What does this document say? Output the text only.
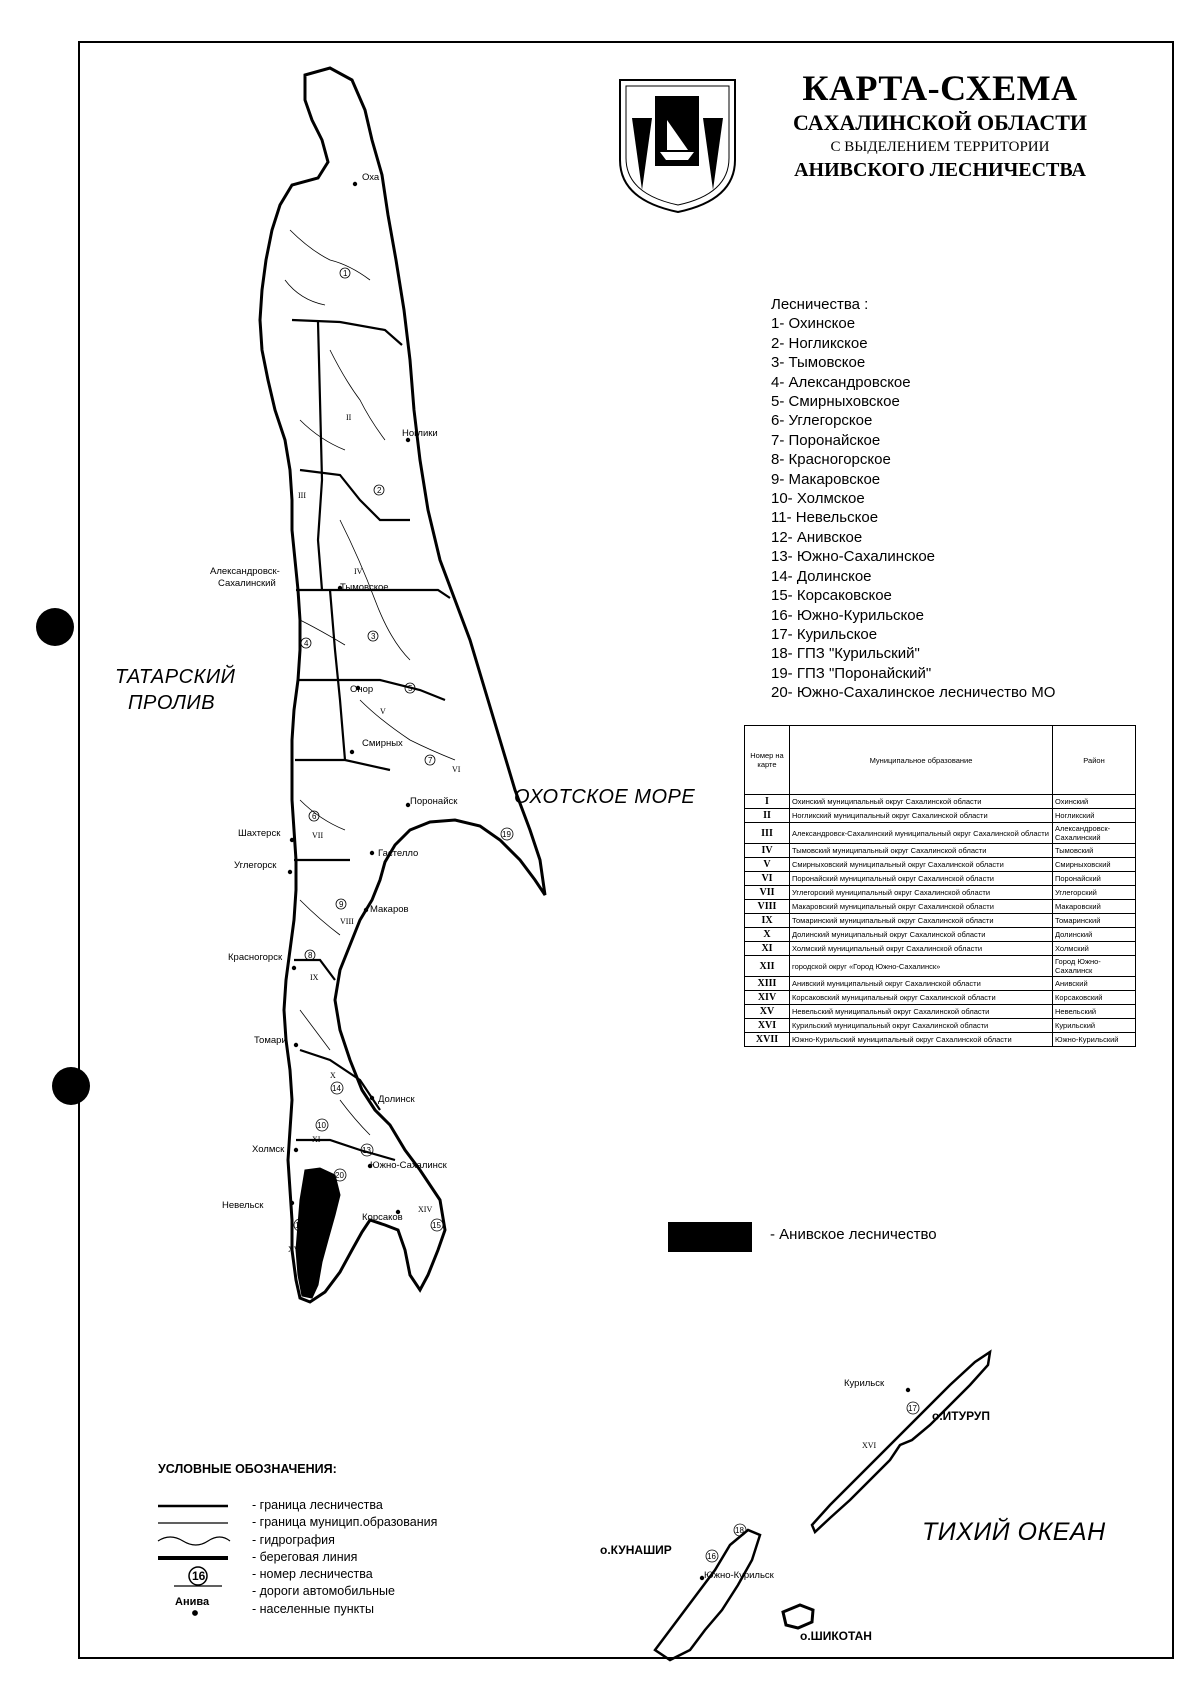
Оха
Ноглики
Александровск-
Сахалинский	Тымовское
Онор
Смирных
Поронайск
Шахтерск
Углегорск
Гастелло
Макаров
Красногорск
Томари
Долинск
Холмск
Южно-Сахалинск
Невельск
Корсаков
Курильск
Южно-Курильск
1
2
3
4
5
6
7
8
9
10
11
13
14
15
16
17
18
19
20
II
III
IV
V
VI
VII
VIII
IX
X
XI
XIV
XV
XVI
о.ИТУРУП
о.КУНАШИР
о.ШИКОТАН
16
Анива
КАРТА-СХЕМА
САХАЛИНСКОЙ ОБЛАСТИ
С ВЫДЕЛЕНИЕМ ТЕРРИТОРИИ
АНИВСКОГО ЛЕСНИЧЕСТВА
Лесничества :
1- Охинское
2- Ногликское
3- Тымовское
4- Александровское
5- Смирныховское
6- Углегорское
7- Поронайское
8- Красногорское
9- Макаровское
10- Холмское
11- Невельское
12- Анивское
13- Южно-Сахалинское
14- Долинское
15- Корсаковское
16- Южно-Курильское
17- Курильское
18- ГПЗ "Курильский"
19- ГПЗ "Поронайский"
20- Южно-Сахалинское лесничество МО
Номер на карте	Муниципальное образование	Район
I	Охинский муниципальный округ Сахалинской области	Охинский
II	Ногликский муниципальный округ Сахалинской области	Ногликский
III	Александровск-Сахалинский муниципальный округ Сахалинской области	Александровск-Сахалинский
IV	Тымовский муниципальный округ Сахалинской области	Тымовский
V	Смирныховский муниципальный округ Сахалинской области	Смирныховский
VI	Поронайский муниципальный округ Сахалинской области	Поронайский
VII	Углегорский муниципальный округ Сахалинской области	Углегорский
VIII	Макаровский муниципальный округ Сахалинской области	Макаровский
IX	Томаринский муниципальный округ Сахалинской области	Томаринский
X	Долинский муниципальный округ Сахалинской области	Долинский
XI	Холмский муниципальный округ Сахалинской области	Холмский
XII	городской округ «Город Южно-Сахалинск»	Город Южно-Сахалинск
XIII	Анивский муниципальный округ Сахалинской области	Анивский
XIV	Корсаковский муниципальный округ Сахалинской области	Корсаковский
XV	Невельский муниципальный округ Сахалинской области	Невельский
XVI	Курильский муниципальный округ Сахалинской области	Курильский
XVII	Южно-Курильский муниципальный округ Сахалинской области	Южно-Курильский
- Анивское лесничество
ТАТАРСКИЙ
ПРОЛИВ
ОХОТСКОЕ МОРЕ
ТИХИЙ ОКЕАН
УСЛОВНЫЕ ОБОЗНАЧЕНИЯ:
- граница лесничества
- граница муницип.образования
- гидрография
- береговая линия
- номер лесничества
- дороги автомобильные
- населенные пункты
